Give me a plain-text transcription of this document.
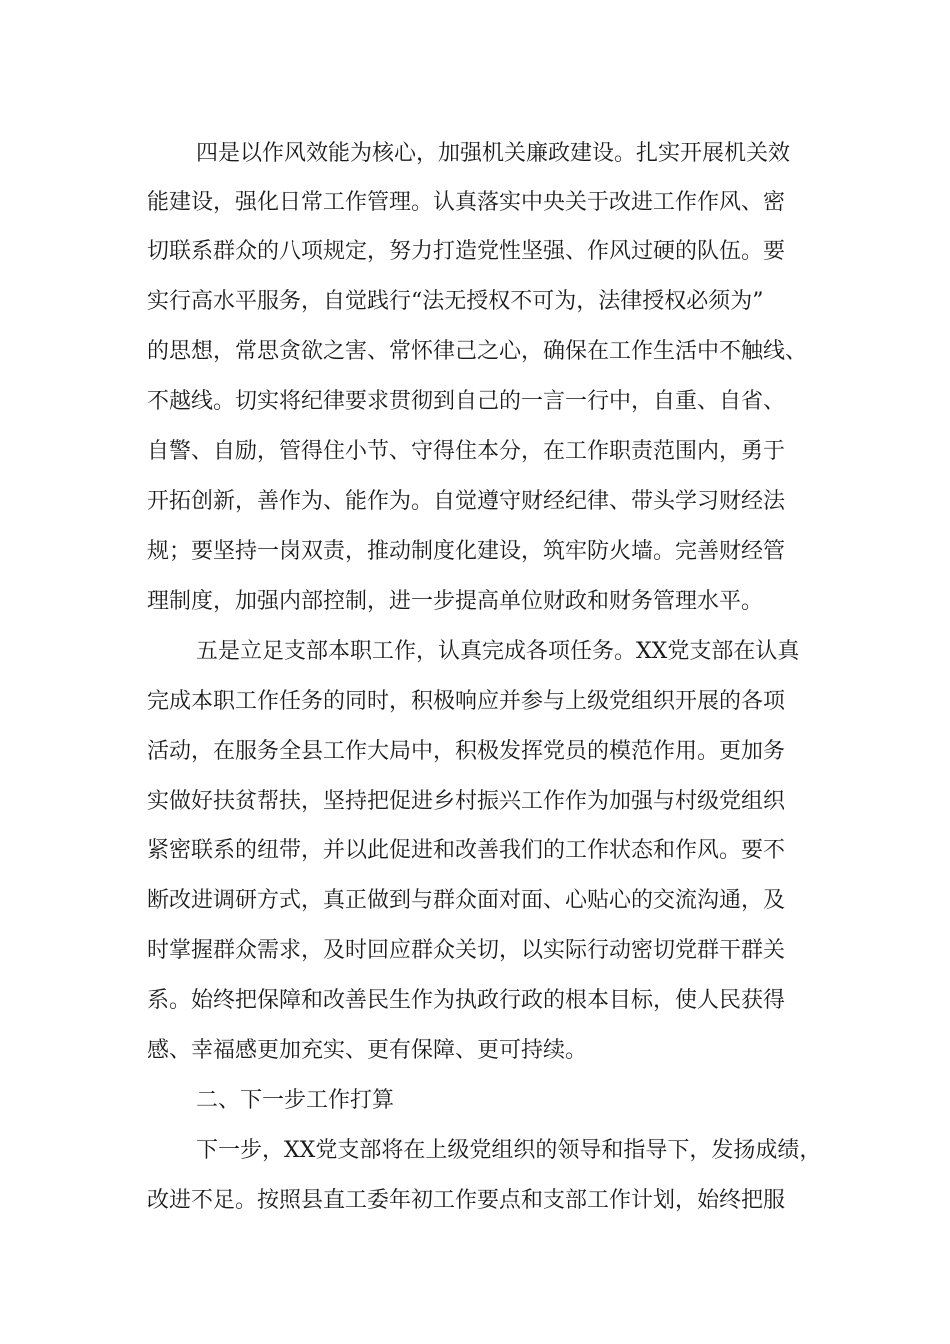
四是以作风效能为核心，加强机关廉政建设。扎实开展机关效
能建设，强化日常工作管理。认真落实中央关于改进工作作风、密
切联系群众的八项规定，努力打造党性坚强、作风过硬的队伍。要
实行高水平服务，自觉践行“法无授权不可为，法律授权必须为”
的思想，常思贪欲之害、常怀律己之心，确保在工作生活中不触线、
不越线。切实将纪律要求贯彻到自己的一言一行中，自重、自省、
自警、自励，管得住小节、守得住本分，在工作职责范围内，勇于
开拓创新，善作为、能作为。自觉遵守财经纪律、带头学习财经法
规；要坚持一岗双责，推动制度化建设，筑牢防火墙。完善财经管
理制度，加强内部控制，进一步提高单位财政和财务管理水平。
五是立足支部本职工作，认真完成各项任务。XX党支部在认真
完成本职工作任务的同时，积极响应并参与上级党组织开展的各项
活动，在服务全县工作大局中，积极发挥党员的模范作用。更加务
实做好扶贫帮扶，坚持把促进乡村振兴工作作为加强与村级党组织
紧密联系的纽带，并以此促进和改善我们的工作状态和作风。要不
断改进调研方式，真正做到与群众面对面、心贴心的交流沟通，及
时掌握群众需求，及时回应群众关切，以实际行动密切党群干群关
系。始终把保障和改善民生作为执政行政的根本目标，使人民获得
感、幸福感更加充实、更有保障、更可持续。
二、下一步工作打算
下一步，XX党支部将在上级党组织的领导和指导下，发扬成绩，
改进不足。按照县直工委年初工作要点和支部工作计划，始终把服
